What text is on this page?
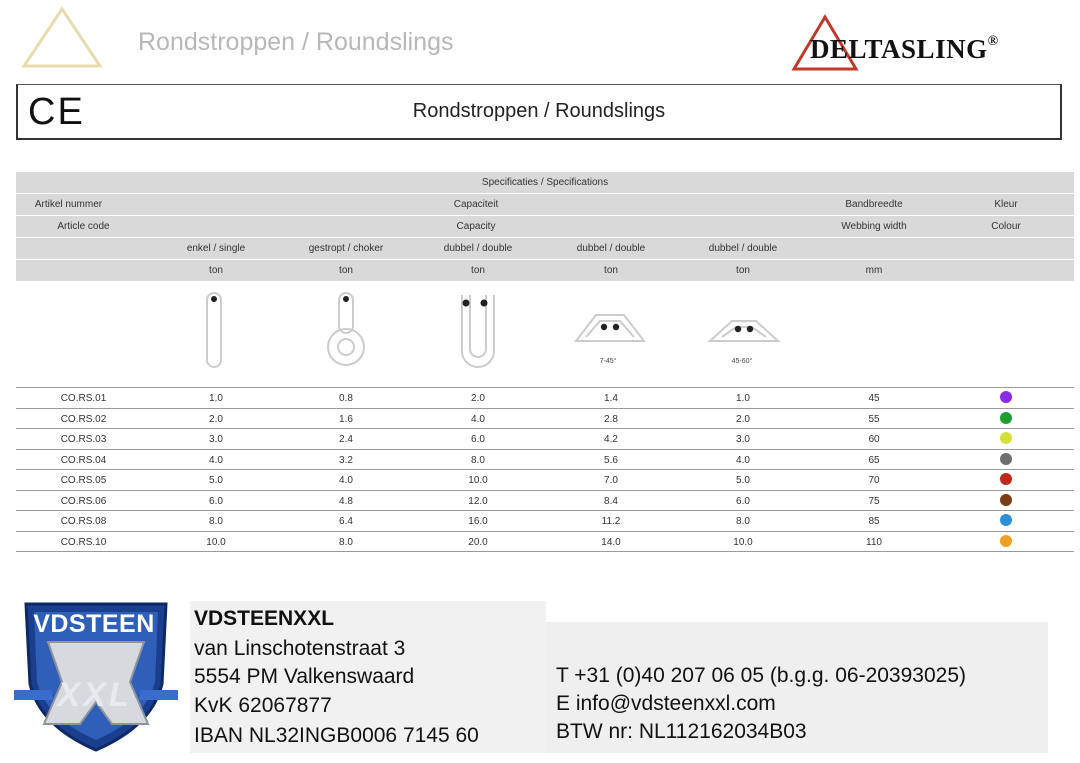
Rondstroppen / Roundslings	DELTASLING®
CE	Rondstroppen / Roundslings
Specificaties / Specifications
Artikel nummer	Capaciteit	Bandbreedte	Kleur
Article code	Capacity	Webbing width	Colour
enkel / single	gestropt / choker	dubbel / double	dubbel / double	dubbel / double
ton	ton	ton	ton	ton	mm
7-45°	45-60°
CO.RS.01	1.0	0.8	2.0	1.4	1.0	45
CO.RS.02	2.0	1.6	4.0	2.8	2.0	55
CO.RS.03	3.0	2.4	6.0	4.2	3.0	60
CO.RS.04	4.0	3.2	8.0	5.6	4.0	65
CO.RS.05	5.0	4.0	10.0	7.0	5.0	70
CO.RS.06	6.0	4.8	12.0	8.4	6.0	75
CO.RS.08	8.0	6.4	16.0	11.2	8.0	85
CO.RS.10	10.0	8.0	20.0	14.0	10.0	110
VDSTEEN
XXL
VDSTEENXXL
van Linschotenstraat 3
5554 PM Valkenswaard
KvK 62067877
IBAN NL32INGB0006 7145 60
T +31 (0)40 207 06 05 (b.g.g. 06-20393025)
E info@vdsteenxxl.com
BTW nr: NL112162034B03
